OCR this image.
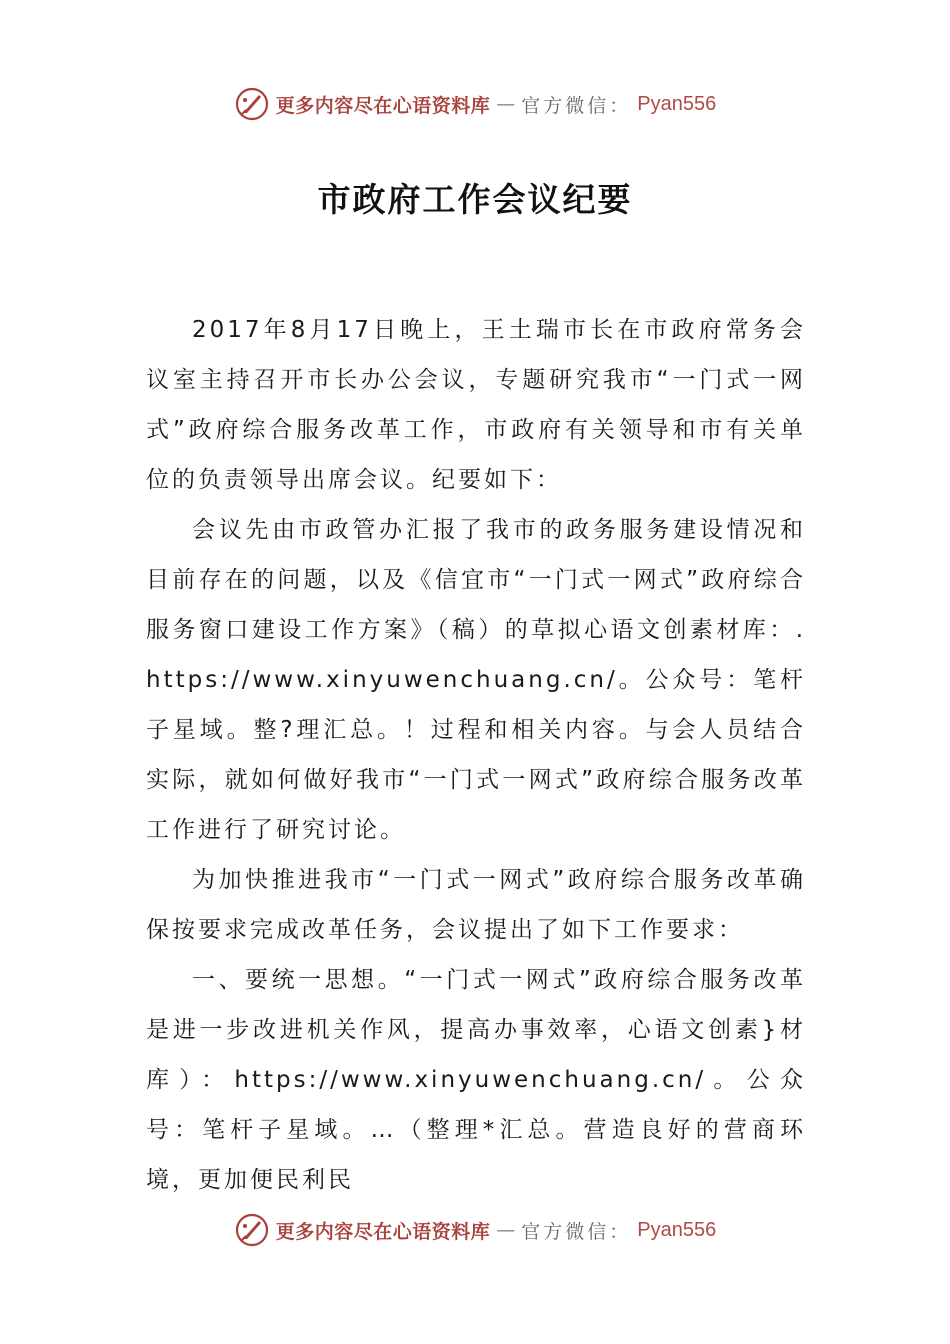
更多内容尽在心语资料库 — 官方微信： Pyan556
市政府工作会议纪要

2017年8月17日晚上，王土瑞市长在市政府常务会议室主持召开市长办公会议，专题研究我市“一门式一网式”政府综合服务改革工作，市政府有关领导和市有关单位的负责领导出席会议。纪要如下：

会议先由市政管办汇报了我市的政务服务建设情况和目前存在的问题，以及《信宜市“一门式一网式”政府综合服务窗口建设工作方案》（稿）的草拟心语文创素材库：.https://www.xinyuwenchuang.cn/。公众号：笔杆子星域。整?理汇总。！过程和相关内容。与会人员结合实际，就如何做好我市“一门式一网式”政府综合服务改革工作进行了研究讨论。

为加快推进我市“一门式一网式”政府综合服务改革确保按要求完成改革任务，会议提出了如下工作要求：

一、要统一思想。“一门式一网式”政府综合服务改革是进一步改进机关作风，提高办事效率，心语文创素}材库）：https://www.xinyuwenchuang.cn/。公众号：笔杆子星域。…（整理*汇总。营造良好的营商环境，更加便民利民

更多内容尽在心语资料库 — 官方微信： Pyan556
